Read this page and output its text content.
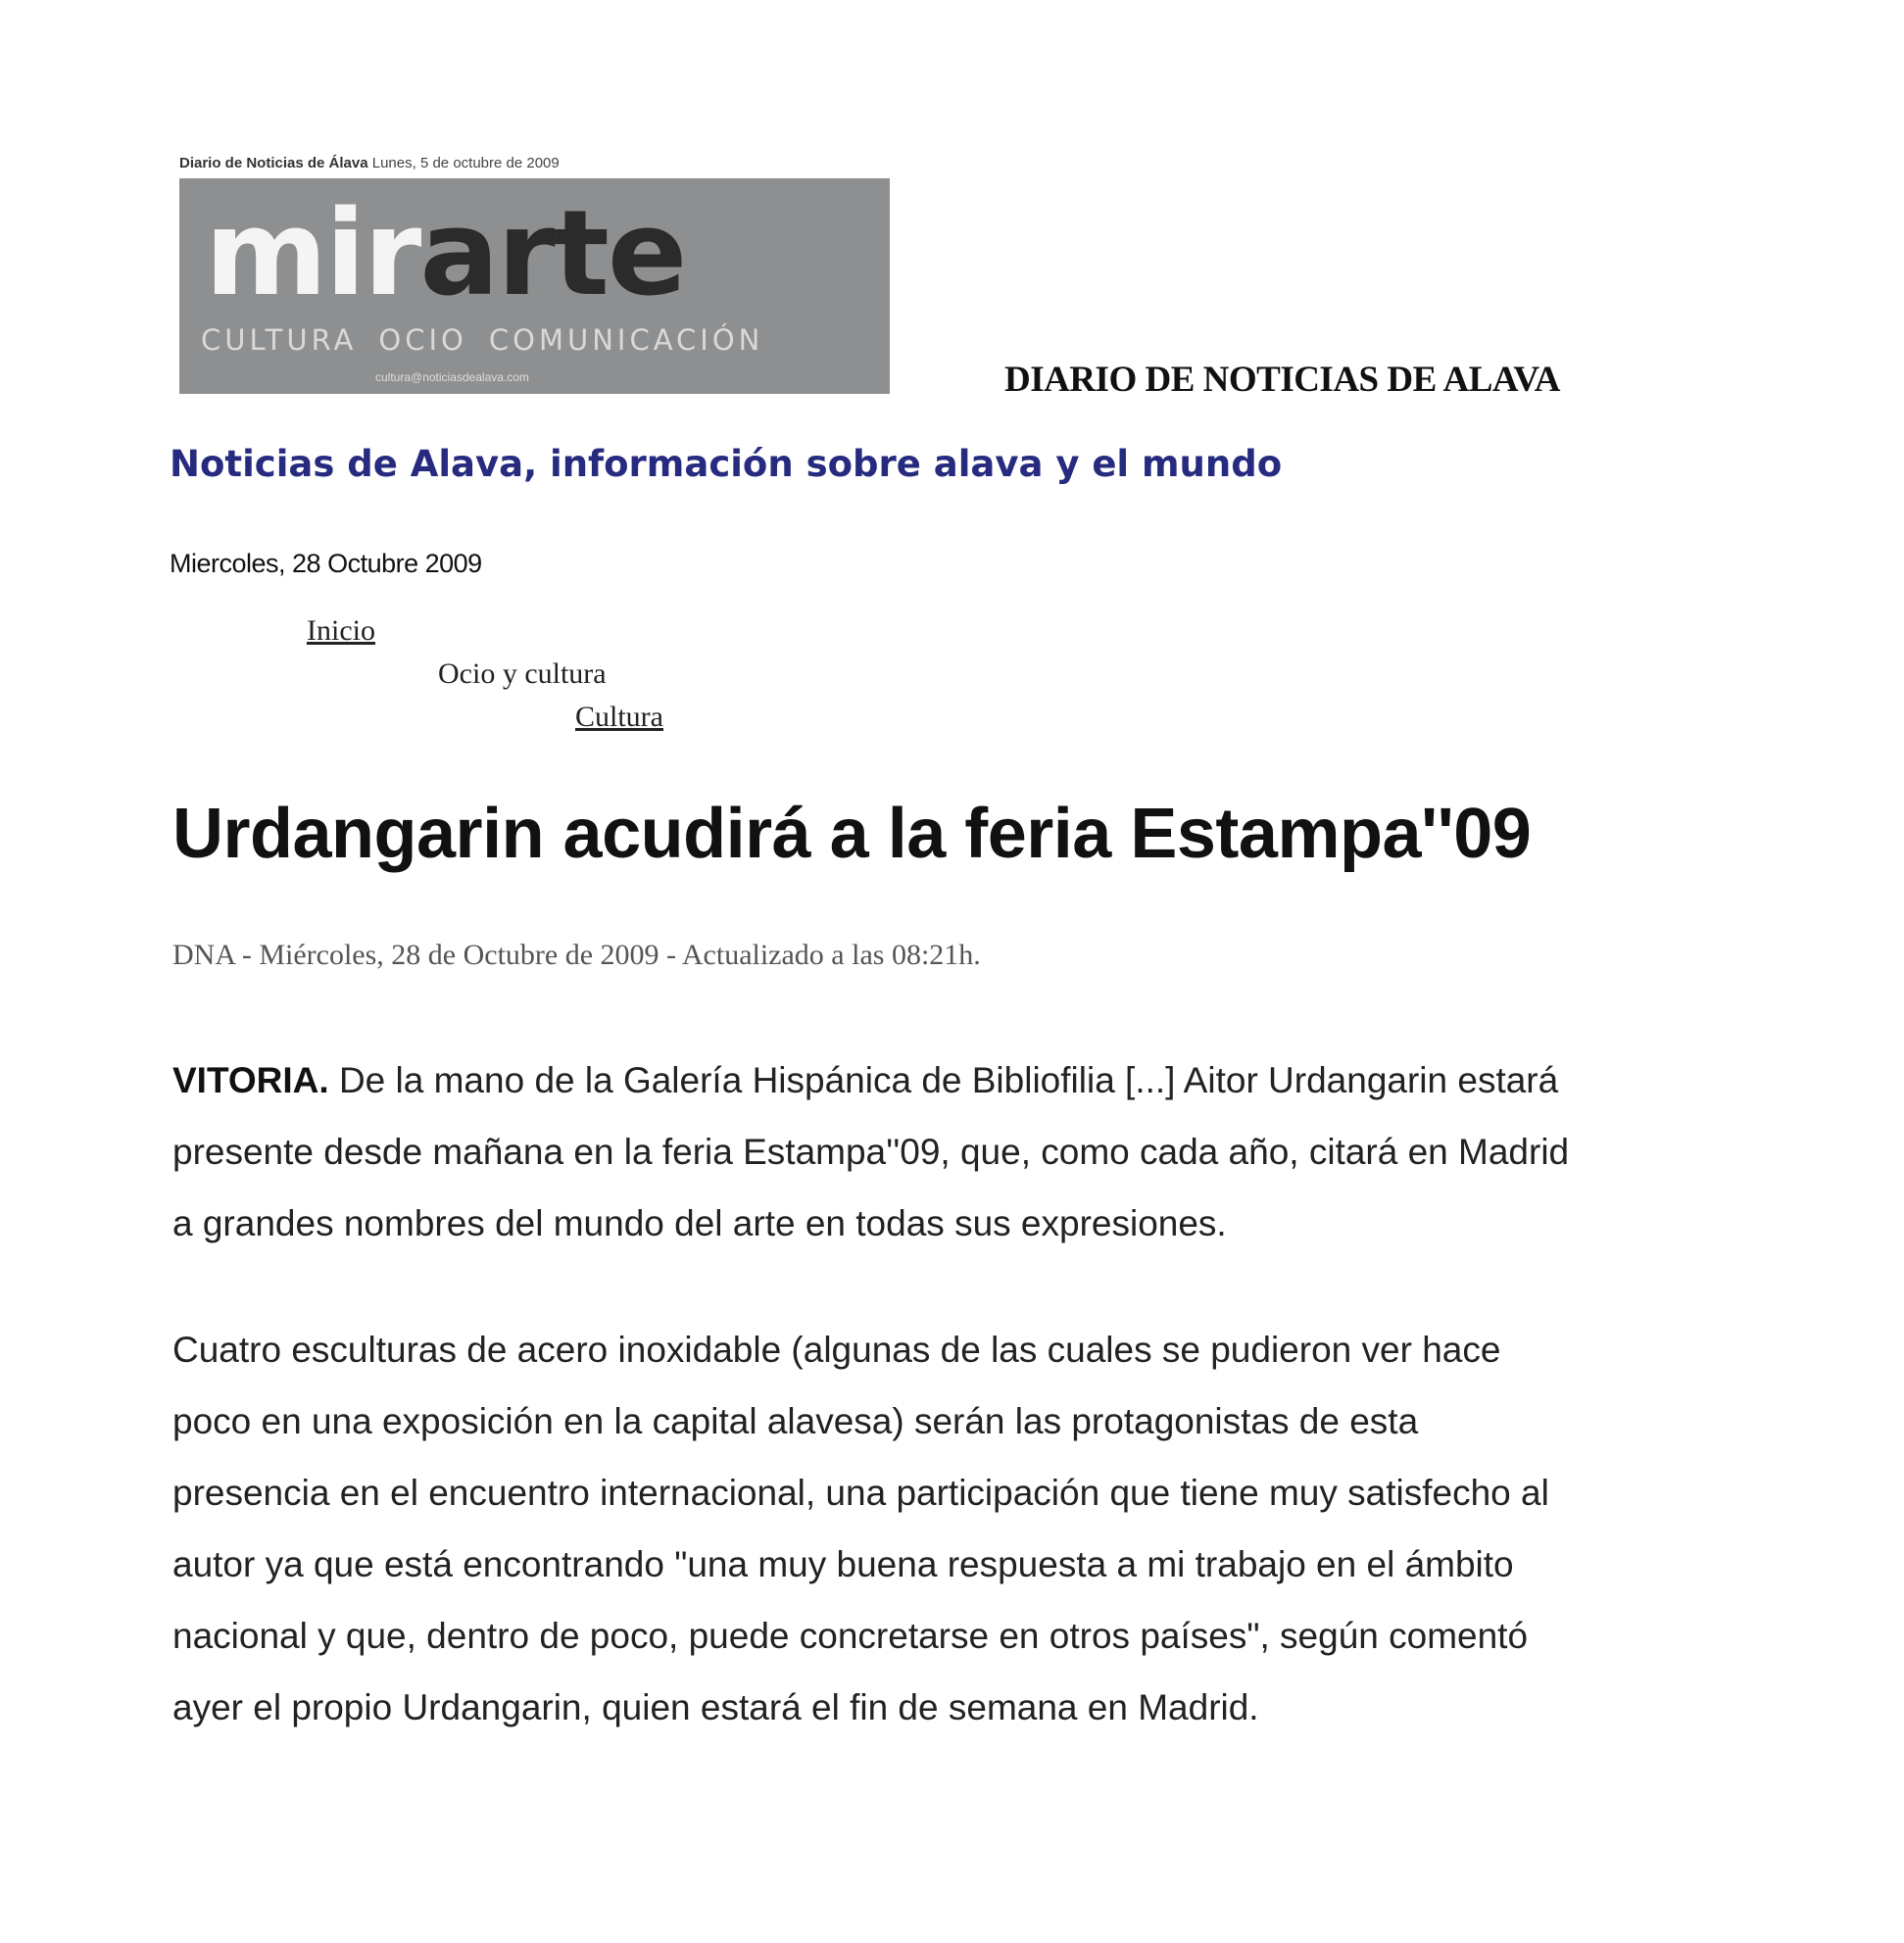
Diario de Noticias de Álava Lunes, 5 de octubre de 2009
mirarte
CULTURA OCIO COMUNICACIÓN
cultura@noticiasdealava.com	DIARIO DE NOTICIAS DE ALAVA
Noticias de Alava, información sobre alava y el mundo
Miercoles, 28 Octubre 2009
Inicio
Ocio y cultura
Cultura
Urdangarin acudirá a la feria Estampa''09
DNA - Miércoles, 28 de Octubre de 2009 - Actualizado a las 08:21h.

VITORIA. De la mano de la Galería Hispánica de Bibliofilia [...] Aitor Urdangarin estará
presente desde mañana en la feria Estampa''09, que, como cada año, citará en Madrid
a grandes nombres del mundo del arte en todas sus expresiones.

Cuatro esculturas de acero inoxidable (algunas de las cuales se pudieron ver hace
poco en una exposición en la capital alavesa) serán las protagonistas de esta
presencia en el encuentro internacional, una participación que tiene muy satisfecho al
autor ya que está encontrando "una muy buena respuesta a mi trabajo en el ámbito
nacional y que, dentro de poco, puede concretarse en otros países", según comentó
ayer el propio Urdangarin, quien estará el fin de semana en Madrid.
